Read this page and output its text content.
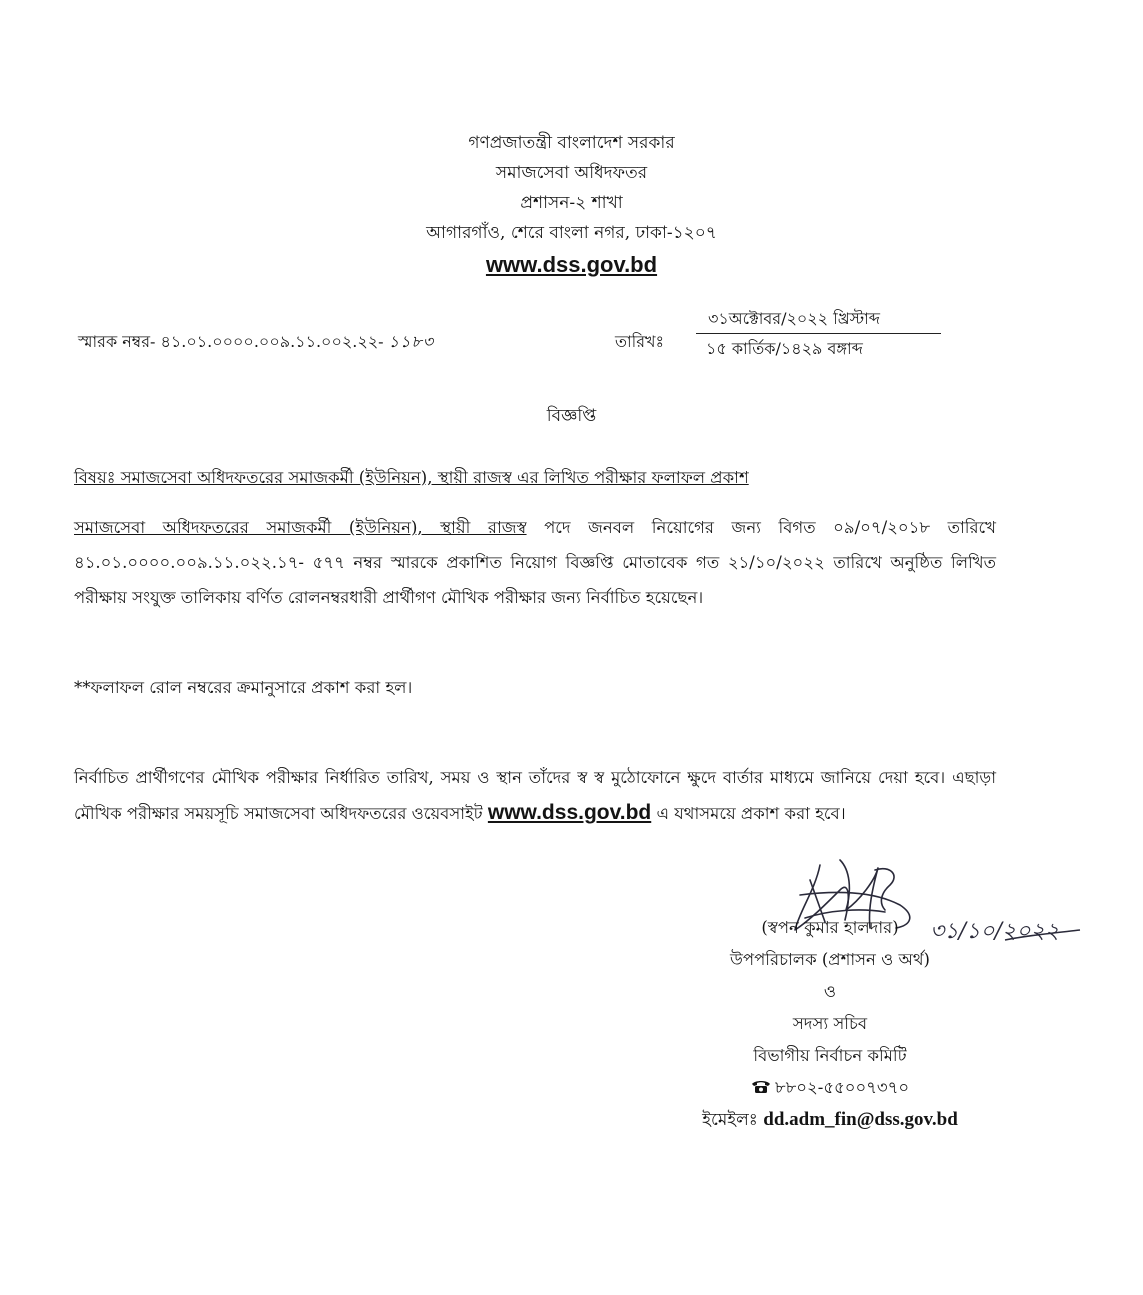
গণপ্রজাতন্ত্রী বাংলাদেশ সরকার
সমাজসেবা অধিদফতর
প্রশাসন-২ শাখা
আগারগাঁও, শেরে বাংলা নগর, ঢাকা-১২০৭
www.dss.gov.bd
স্মারক নম্বর- ৪১.০১.০০০০.০০৯.১১.০০২.২২- ১১৮৩	তারিখঃ
৩১অক্টোবর/২০২২ খ্রিস্টাব্দ
১৫ কার্তিক/১৪২৯ বঙ্গাব্দ
বিজ্ঞপ্তি
বিষয়ঃ সমাজসেবা অধিদফতরের সমাজকর্মী (ইউনিয়ন), স্থায়ী রাজস্ব এর লিখিত পরীক্ষার ফলাফল প্রকাশ
সমাজসেবা অধিদফতরের সমাজকর্মী (ইউনিয়ন), স্থায়ী রাজস্ব পদে জনবল নিয়োগের জন্য বিগত ০৯/০৭/২০১৮ তারিখে ৪১.০১.০০০০.০০৯.১১.০২২.১৭- ৫৭৭ নম্বর স্মারকে প্রকাশিত নিয়োগ বিজ্ঞপ্তি মোতাবেক গত ২১/১০/২০২২ তারিখে অনুষ্ঠিত লিখিত পরীক্ষায় সংযুক্ত তালিকায় বর্ণিত রোলনম্বরধারী প্রার্থীগণ মৌখিক পরীক্ষার জন্য নির্বাচিত হয়েছেন।
**ফলাফল রোল নম্বরের ক্রমানুসারে প্রকাশ করা হল।
নির্বাচিত প্রার্থীগণের মৌখিক পরীক্ষার নির্ধারিত তারিখ, সময় ও স্থান তাঁদের স্ব স্ব মুঠোফোনে ক্ষুদে বার্তার মাধ্যমে জানিয়ে দেয়া হবে। এছাড়া মৌখিক পরীক্ষার সময়সূচি সমাজসেবা অধিদফতরের ওয়েবসাইট www.dss.gov.bd এ যথাসময়ে প্রকাশ করা হবে।
৩১/১০/২০২২
(স্বপন কুমার হালদার)
উপপরিচালক (প্রশাসন ও অর্থ)
ও
সদস্য সচিব
বিভাগীয় নির্বাচন কমিটি
৮৮০২-৫৫০০৭৩৭০
ইমেইলঃ dd.adm_fin@dss.gov.bd
